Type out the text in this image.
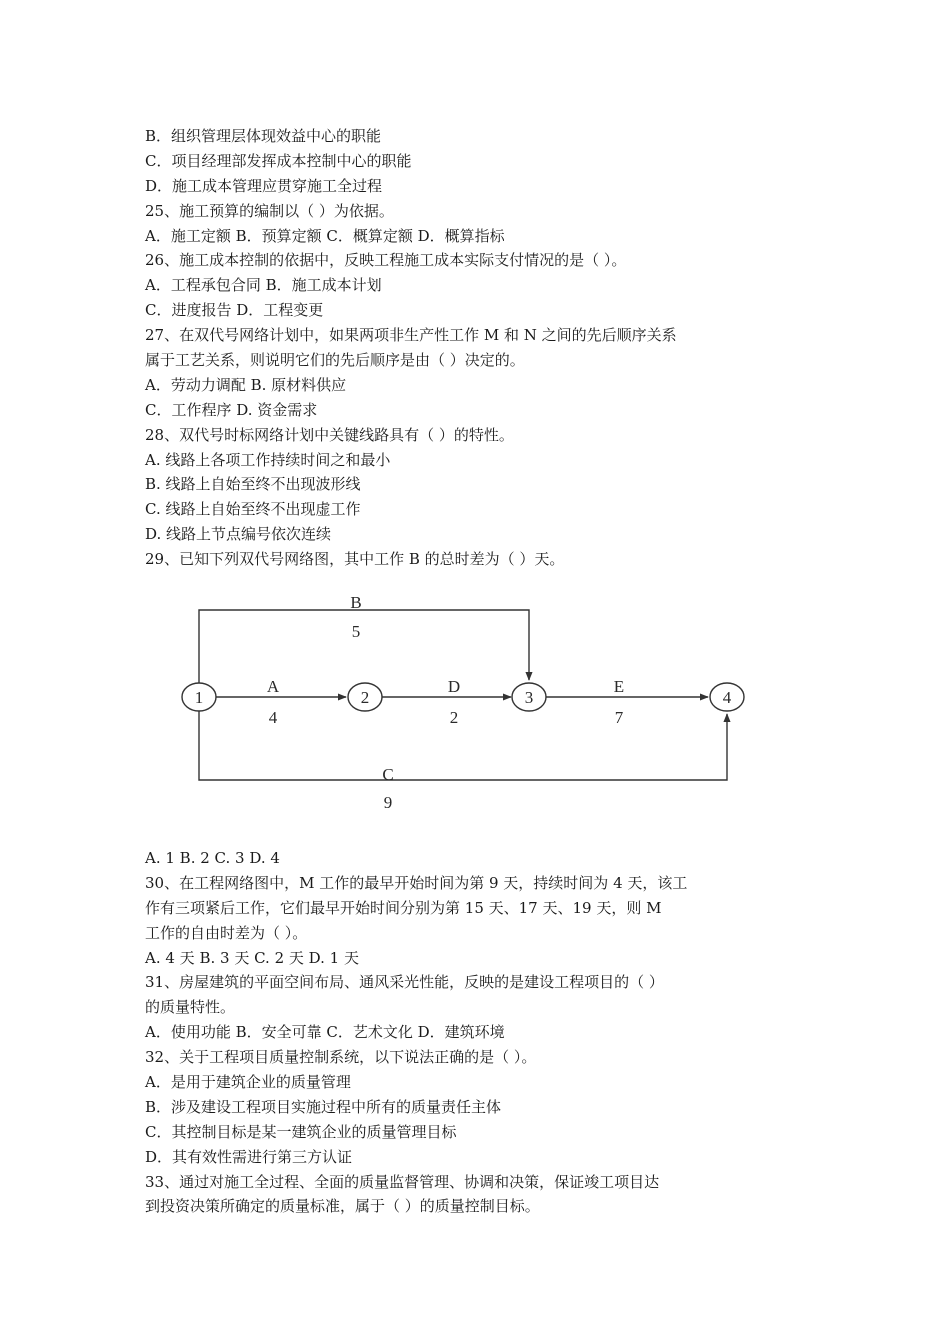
B．组织管理层体现效益中心的职能
C．项目经理部发挥成本控制中心的职能
D．施工成本管理应贯穿施工全过程
25、施工预算的编制以（ ）为依据。
A．施工定额 B．预算定额 C．概算定额 D．概算指标
26、施工成本控制的依据中，反映工程施工成本实际支付情况的是（ ）。
A．工程承包合同 B．施工成本计划
C．进度报告 D．工程变更
27、在双代号网络计划中，如果两项非生产性工作 M 和 N 之间的先后顺序关系
属于工艺关系，则说明它们的先后顺序是由（ ）决定的。
A．劳动力调配 B. 原材料供应
C．工作程序 D. 资金需求
28、双代号时标网络计划中关键线路具有（ ）的特性。
A. 线路上各项工作持续时间之和最小
B. 线路上自始至终不出现波形线
C. 线路上自始至终不出现虚工作
D. 线路上节点编号依次连续
29、已知下列双代号网络图，其中工作 B 的总时差为（ ）天。
1	2	3	4
B
5
A
4
D
2
E
7
C
9
A. 1 B. 2 C. 3 D. 4
30、在工程网络图中，M 工作的最早开始时间为第 9 天，持续时间为 4 天，该工
作有三项紧后工作，它们最早开始时间分别为第 15 天、17 天、19 天，则 M
工作的自由时差为（ ）。
A. 4 天 B. 3 天 C. 2 天 D. 1 天
31、房屋建筑的平面空间布局、通风采光性能，反映的是建设工程项目的（ ）
的质量特性。
A．使用功能 B．安全可靠 C．艺术文化 D．建筑环境
32、关于工程项目质量控制系统，以下说法正确的是（ ）。
A．是用于建筑企业的质量管理
B．涉及建设工程项目实施过程中所有的质量责任主体
C．其控制目标是某一建筑企业的质量管理目标
D．其有效性需进行第三方认证
33、通过对施工全过程、全面的质量监督管理、协调和决策，保证竣工项目达
到投资决策所确定的质量标准，属于（ ）的质量控制目标。
